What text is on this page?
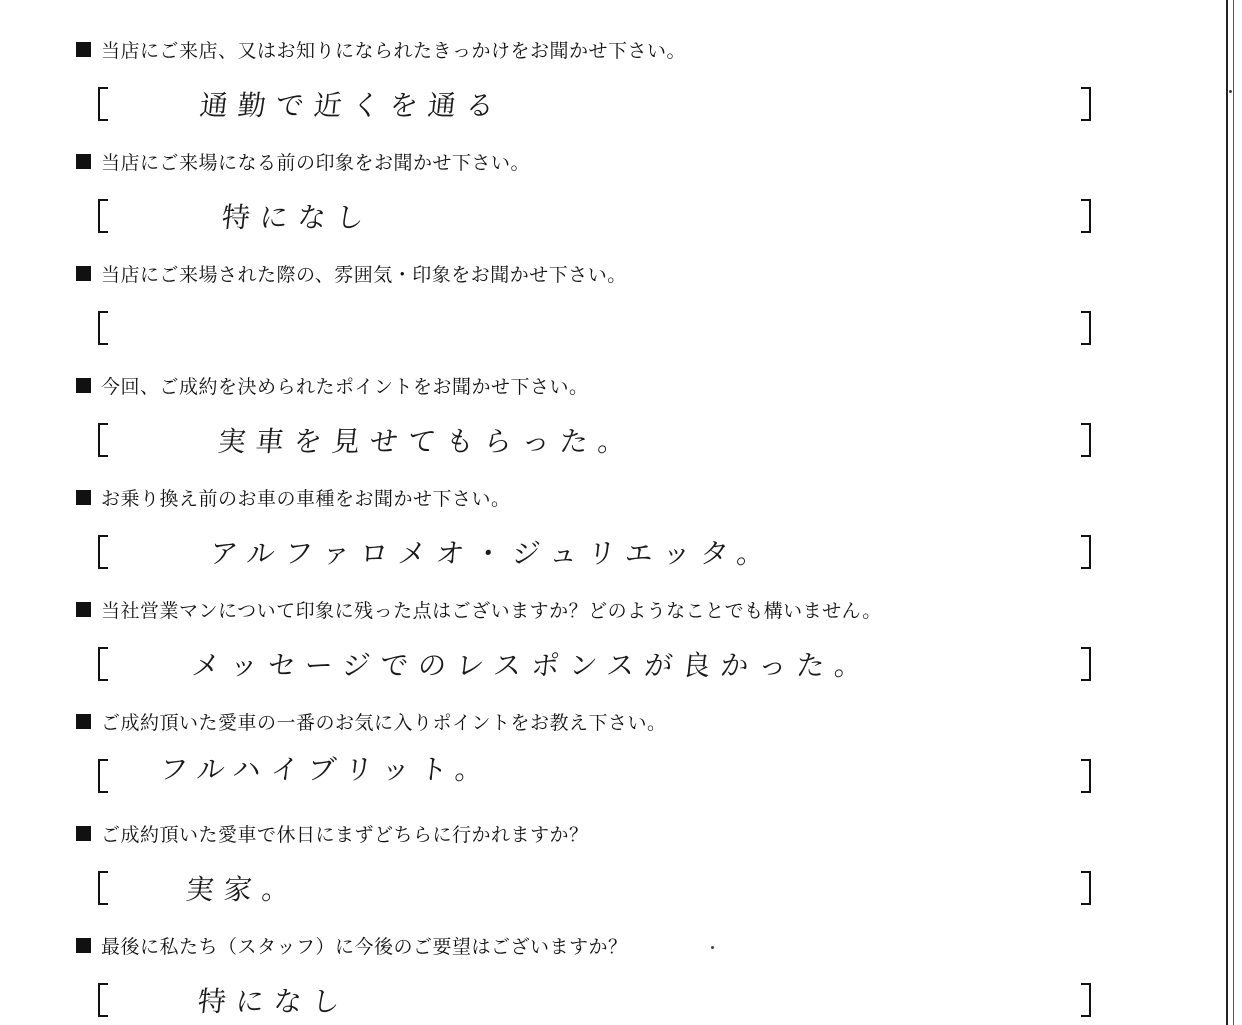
当店にご来店、又はお知りになられたきっかけをお聞かせ下さい。
通勤で近くを通る
当店にご来場になる前の印象をお聞かせ下さい。
特になし
当店にご来場された際の、雰囲気・印象をお聞かせ下さい。
今回、ご成約を決められたポイントをお聞かせ下さい。
実車を見せてもらった。
お乗り換え前のお車の車種をお聞かせ下さい。
アルファロメオ・ジュリエッタ。
当社営業マンについて印象に残った点はございますか？どのようなことでも構いません。
メッセージでのレスポンスが良かった。
ご成約頂いた愛車の一番のお気に入りポイントをお教え下さい。
フルハイブリット。
ご成約頂いた愛車で休日にまずどちらに行かれますか？
実家。
最後に私たち（スタッフ）に今後のご要望はございますか？
特になし
